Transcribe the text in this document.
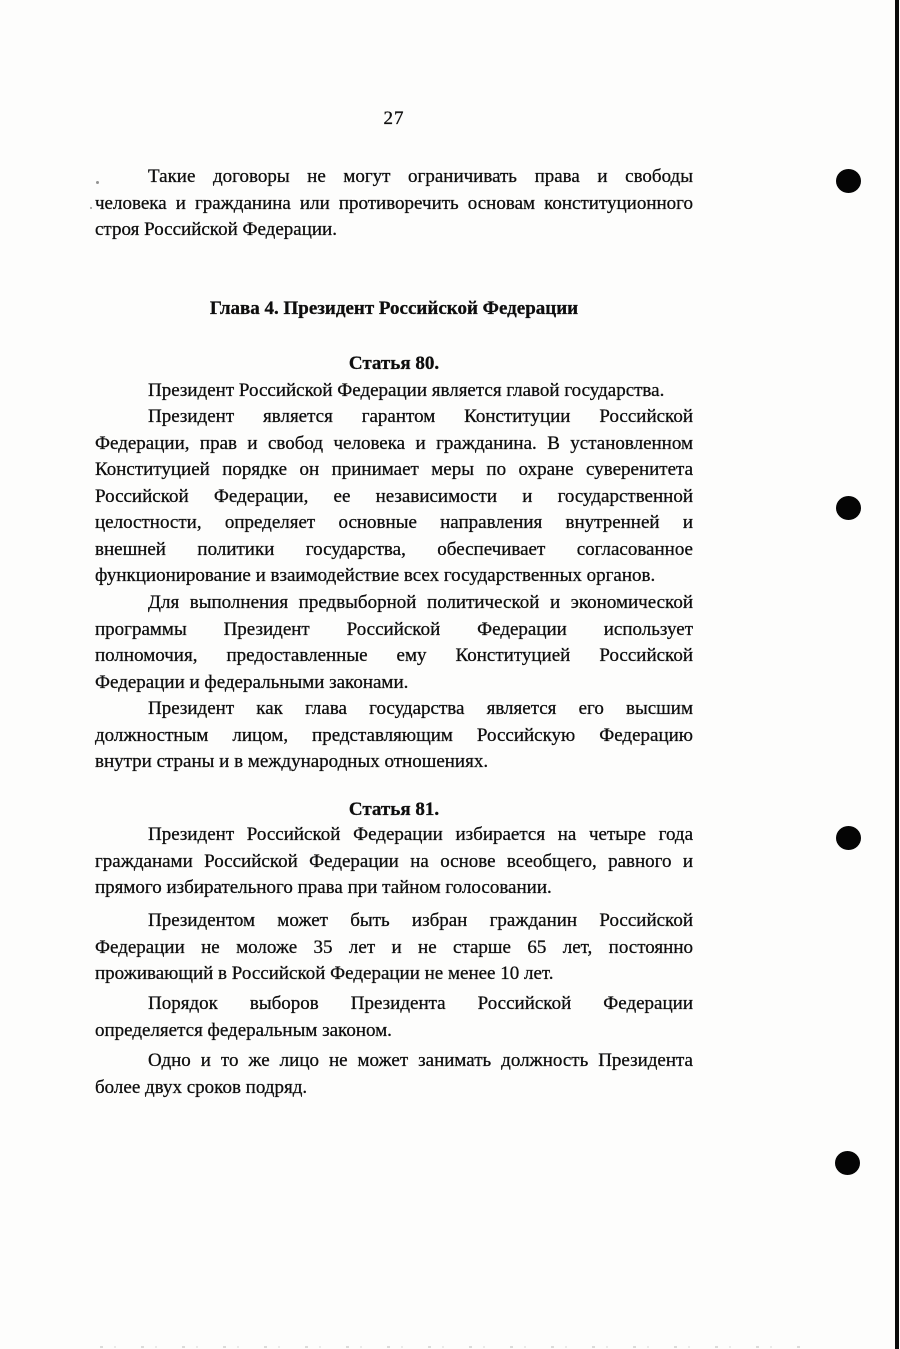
27
Такие договоры не могут ограничивать права и свободы
человека и гражданина или противоречить основам конституционного
строя Российской Федерации.
Глава 4. Президент Российской Федерации
Статья 80.
Президент Российской Федерации является главой государства.
Президент является гарантом Конституции Российской
Федерации, прав и свобод человека и гражданина. В установленном
Конституцией порядке он принимает меры по охране суверенитета
Российской Федерации, ее независимости и государственной
целостности, определяет основные направления внутренней и
внешней политики государства, обеспечивает согласованное
функционирование и взаимодействие всех государственных органов.
Для выполнения предвыборной политической и экономической
программы Президент Российской Федерации использует
полномочия, предоставленные ему Конституцией Российской
Федерации и федеральными законами.
Президент как глава государства является его высшим
должностным лицом, представляющим Российскую Федерацию
внутри страны и в международных отношениях.
Статья 81.
Президент Российской Федерации избирается на четыре года
гражданами Российской Федерации на основе всеобщего, равного и
прямого избирательного права при тайном голосовании.
Президентом может быть избран гражданин Российской
Федерации не моложе 35 лет и не старше 65 лет, постоянно
проживающий в Российской Федерации не менее 10 лет.
Порядок выборов Президента Российской Федерации
определяется федеральным законом.
Одно и то же лицо не может занимать должность Президента
более двух сроков подряд.
